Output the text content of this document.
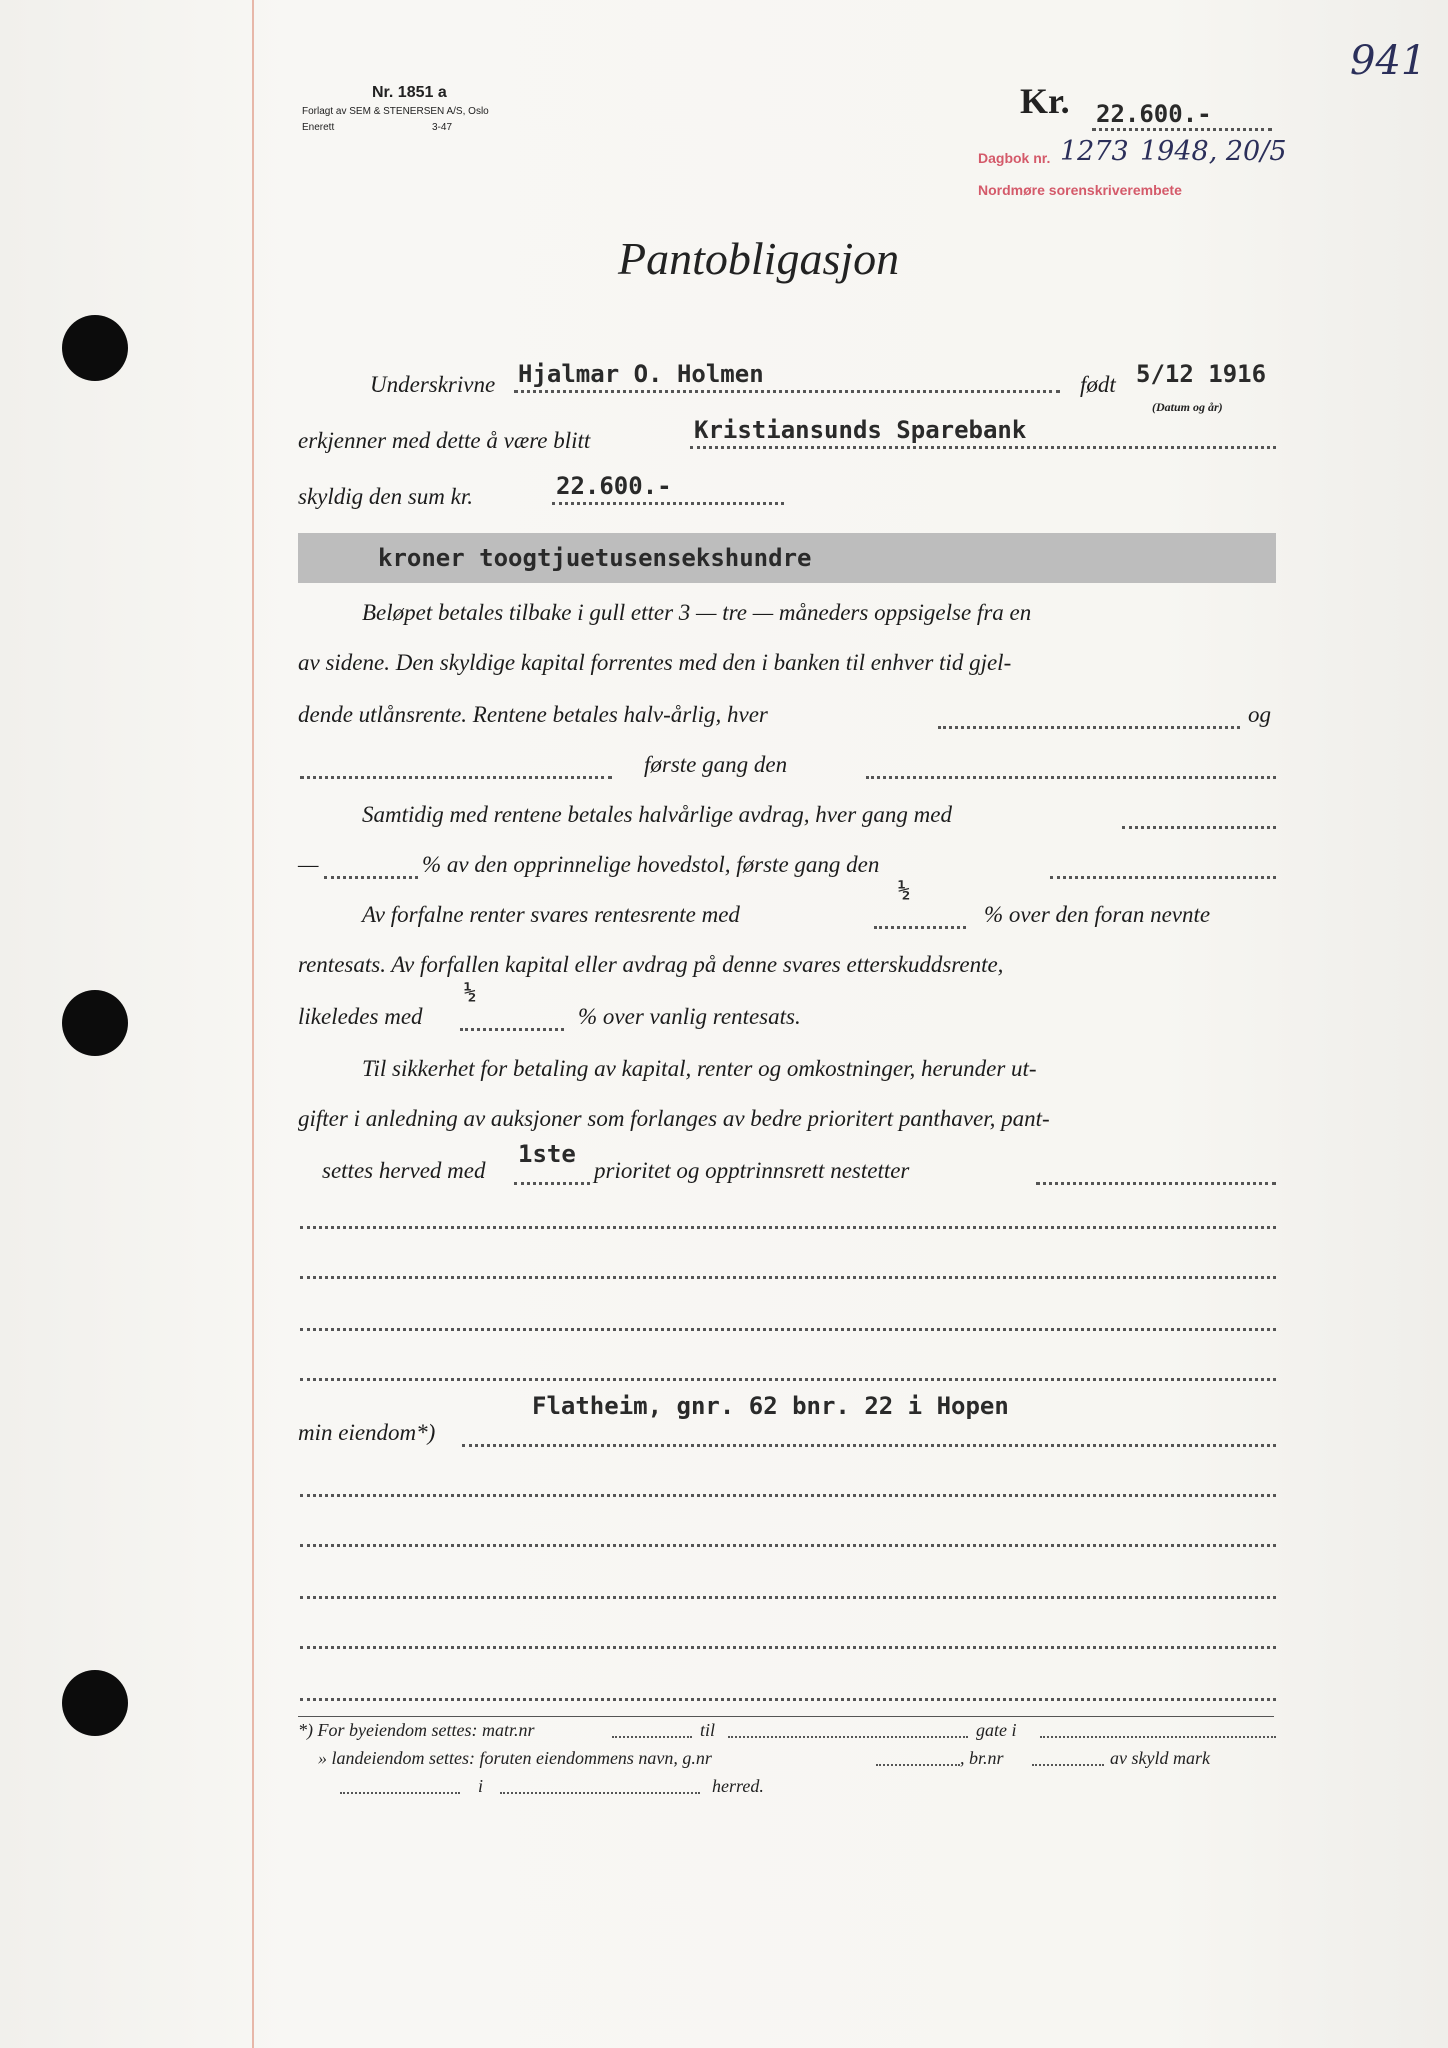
Nr. 1851 a
Forlagt av SEM & STENERSEN A/S, Oslo
Enerett	3-47
941
Kr. 22.600.-
Dagbok nr. 1273 1948, 20/5
Nordmøre sorenskriverembete
Pantobligasjon
Underskrivne Hjalmar O. Holmen	født 5/12 1916
(Datum og år)
erkjenner med dette å være blitt	Kristiansunds Sparebank
skyldig den sum kr.	22.600.-
kroner toogtjuetusensekshundre
Beløpet betales tilbake i gull etter 3 — tre — måneders oppsigelse fra en
av sidene. Den skyldige kapital forrentes med den i banken til enhver tid gjel-
dende utlånsrente. Rentene betales halv-årlig, hver	og
første gang den
Samtidig med rentene betales halvårlige avdrag, hver gang med
—	% av den opprinnelige hovedstol, første gang den
Av forfalne renter svares rentesrente med
½
% over den foran nevnte
rentesats. Av forfallen kapital eller avdrag på denne svares etterskuddsrente,
likeledes med
½
% over vanlig rentesats.
Til sikkerhet for betaling av kapital, renter og omkostninger, herunder ut-
gifter i anledning av auksjoner som forlanges av bedre prioritert panthaver, pant-
settes herved med
1ste
prioritet og opptrinnsrett nestetter
Flatheim, gnr. 62 bnr. 22 i Hopen
min eiendom*)
*) For byeiendom settes: matr.nr	til	gate i
» landeiendom settes: foruten eiendommens navn, g.nr	, br.nr	av skyld mark
i	herred.
